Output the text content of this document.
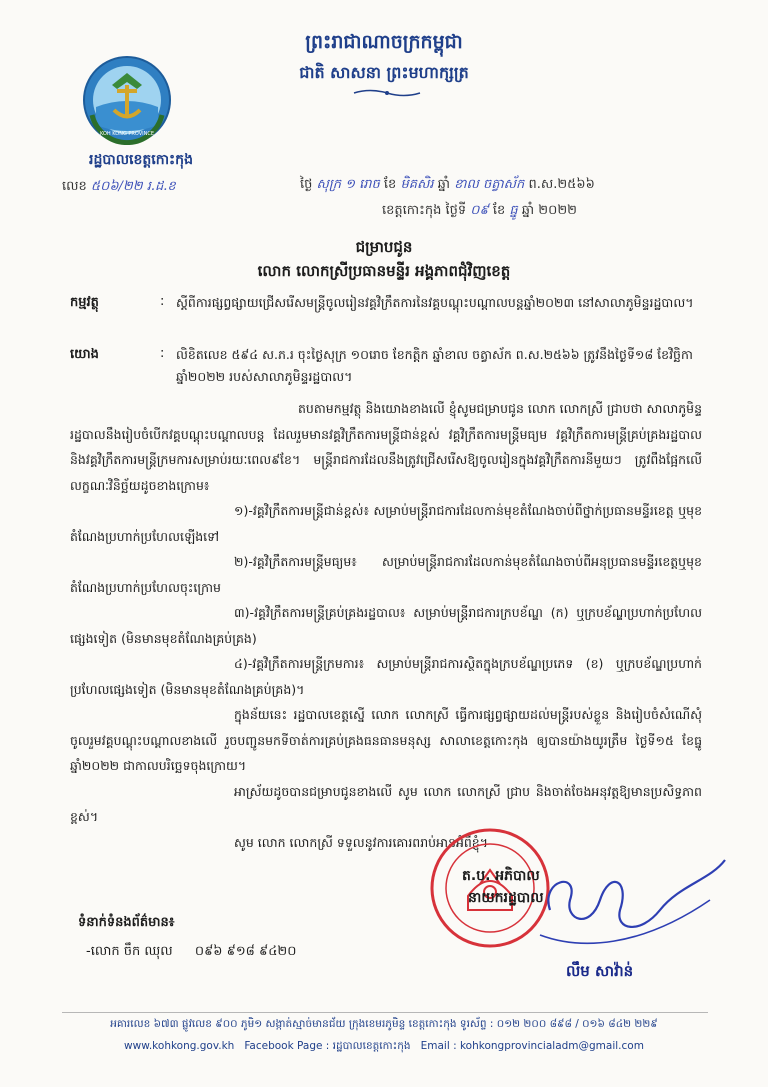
ព្រះរាជាណាចក្រកម្ពុជា
ជាតិ សាសនា ព្រះមហាក្សត្រ
KOH KONG PROVINCE
រដ្ឋបាលខេត្តកោះកុង
លេខ ៥០៦/២២ រ.ដ.ខ	ថ្ងៃ សុក្រ ១ រោច ខែ មិគសិរ ឆ្នាំ ខាល ចត្វាស័ក ព.ស.២៥៦៦
ខេត្តកោះកុង ថ្ងៃទី ០៩ ខែ ធ្នូ ឆ្នាំ ២០២២
ជម្រាបជូន
លោក លោកស្រីប្រធានមន្ទីរ អង្គភាពជុំវិញខេត្ត
កម្មវត្ថុ	: ស្តីពីការផ្សព្វផ្សាយជ្រើសរើសមន្ត្រីចូលរៀនវគ្គវិក្រឹតការនៃវគ្គបណ្តុះបណ្តាលបន្តឆ្នាំ២០២៣ នៅសាលាភូមិន្ទរដ្ឋបាល។
យោង	: លិខិតលេខ ៥៩៤ ស.ភ.រ ចុះថ្ងៃសុក្រ ១០រោច ខែកត្តិក ឆ្នាំខាល ចត្វាស័ក ព.ស.២៥៦៦ ត្រូវនឹងថ្ងៃទី១៨ ខែវិច្ឆិកា ឆ្នាំ២០២២ របស់សាលាភូមិន្ទរដ្ឋបាល។

តបតាមកម្មវត្ថុ និងយោងខាងលើ ខ្ញុំសូមជម្រាបជូន លោក លោកស្រី ជ្រាបថា សាលាភូមិន្ទរដ្ឋបាលនឹងរៀបចំបើកវគ្គបណ្តុះបណ្តាលបន្ត ដែលរួមមានវគ្គវិក្រឹតការមន្ត្រីជាន់ខ្ពស់ វគ្គវិក្រឹតការមន្ត្រីមធ្យម វគ្គវិក្រឹតការមន្ត្រីគ្រប់គ្រងរដ្ឋបាល និងវគ្គវិក្រឹតការមន្ត្រីក្រមការសម្រាប់រយៈពេល៩ខែ។ មន្ត្រីរាជការដែលនឹងត្រូវជ្រើសរើសឱ្យចូលរៀនក្នុងវគ្គវិក្រឹតការនីមួយៗ ត្រូវពឹងផ្អែកលើលក្ខណៈវិនិច្ឆ័យដូចខាងក្រោម៖

១)-វគ្គវិក្រឹតការមន្ត្រីជាន់ខ្ពស់៖ សម្រាប់មន្ត្រីរាជការដែលកាន់មុខតំណែងចាប់ពីថ្នាក់ប្រធានមន្ទីរខេត្ត ឬមុខតំណែងប្រហាក់ប្រហែលឡើងទៅ

២)-វគ្គវិក្រឹតការមន្ត្រីមធ្យម៖ សម្រាប់មន្ត្រីរាជការដែលកាន់មុខតំណែងចាប់ពីអនុប្រធានមន្ទីរខេត្តឬមុខតំណែងប្រហាក់ប្រហែលចុះក្រោម

៣)-វគ្គវិក្រឹតការមន្ត្រីគ្រប់គ្រងរដ្ឋបាល៖ សម្រាប់មន្ត្រីរាជការក្របខ័ណ្ឌ (ក) ឬក្របខ័ណ្ឌប្រហាក់ប្រហែលផ្សេងទៀត (មិនមានមុខតំណែងគ្រប់គ្រង)

៤)-វគ្គវិក្រឹតការមន្ត្រីក្រមការ៖ សម្រាប់មន្ត្រីរាជការស្ថិតក្នុងក្របខ័ណ្ឌប្រភេទ (ខ) ឬក្របខ័ណ្ឌប្រហាក់ប្រហែលផ្សេងទៀត (មិនមានមុខតំណែងគ្រប់គ្រង)។

ក្នុងន័យនេះ រដ្ឋបាលខេត្តស្នើ លោក លោកស្រី ធ្វើការផ្សព្វផ្សាយដល់មន្ត្រីរបស់ខ្លួន និងរៀបចំសំណើសុំចូលរួមវគ្គបណ្តុះបណ្តាលខាងលើ រួចបញ្ជូនមកទីចាត់ការគ្រប់គ្រងធនធានមនុស្ស សាលាខេត្តកោះកុង ឲ្យបានយ៉ាងយូរត្រឹម ថ្ងៃទី១៥ ខែធ្នូ ឆ្នាំ២០២២ ជាកាលបរិច្ឆេទចុងក្រោយ។

អាស្រ័យដូចបានជម្រាបជូនខាងលើ សូម លោក លោកស្រី ជ្រាប និងចាត់ចែងអនុវត្តឱ្យមានប្រសិទ្ធភាពខ្ពស់។

សូម លោក លោកស្រី ទទួលនូវការគោរពរាប់អានអំពីខ្ញុំ។

ត.ប. អភិបាល
នាយករដ្ឋបាល
លឹម សាវ៉ាន់
ទំនាក់ទំនងព័ត៌មាន៖
-លោក ចឹក ឈុល ០៩៦ ៩១៨ ៩៤២០
អគារលេខ ៦៧៣ ផ្លូវលេខ ៩០០ ភូមិ១ សង្កាត់ស្មាច់មានជ័យ ក្រុងខេមរភូមិន្ទ ខេត្តកោះកុង ទូរស័ព្ទ : ០១២ ២០០ ៨៩៨ / ០១៦ ៨៤២ ២២៩
www.kohkong.gov.kh Facebook Page : រដ្ឋបាលខេត្តកោះកុង Email : kohkongprovincialadm@gmail.com
